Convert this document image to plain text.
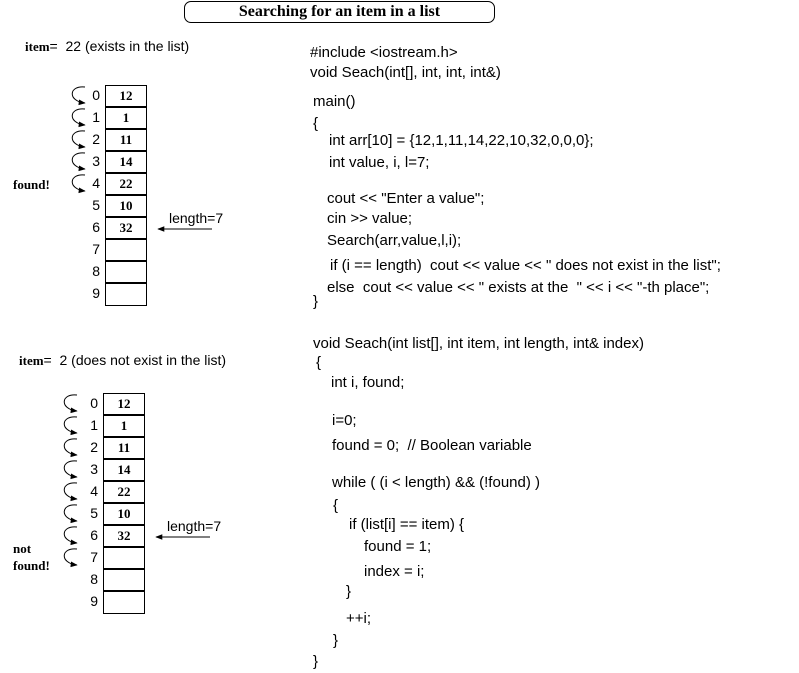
Searching for an item in a list
item=  22 (exists in the list)
found!
12
0
1
1
11
2
14
3
22
4
10
5
32
6
7
8
9
length=7
item=  2 (does not exist in the list)
not
found!
12
0
1
1
11
2
14
3
22
4
10
5
32
6
7
8
9
length=7
#include <iostream.h>
void Seach(int[], int, int, int&)
main()
{
int arr[10] = {12,1,11,14,22,10,32,0,0,0};
int value, i, l=7;
cout << "Enter a value";
cin >> value;
Search(arr,value,l,i);
if (i == length)  cout << value << " does not exist in the list";
else  cout << value << " exists at the  " << i << "-th place";
}
void Seach(int list[], int item, int length, int& index)
{
int i, found;
i=0;
found = 0;  // Boolean variable
while ( (i < length) && (!found) )
{
if (list[i] == item) {
found = 1;
index = i;
}
++i;
}
}
